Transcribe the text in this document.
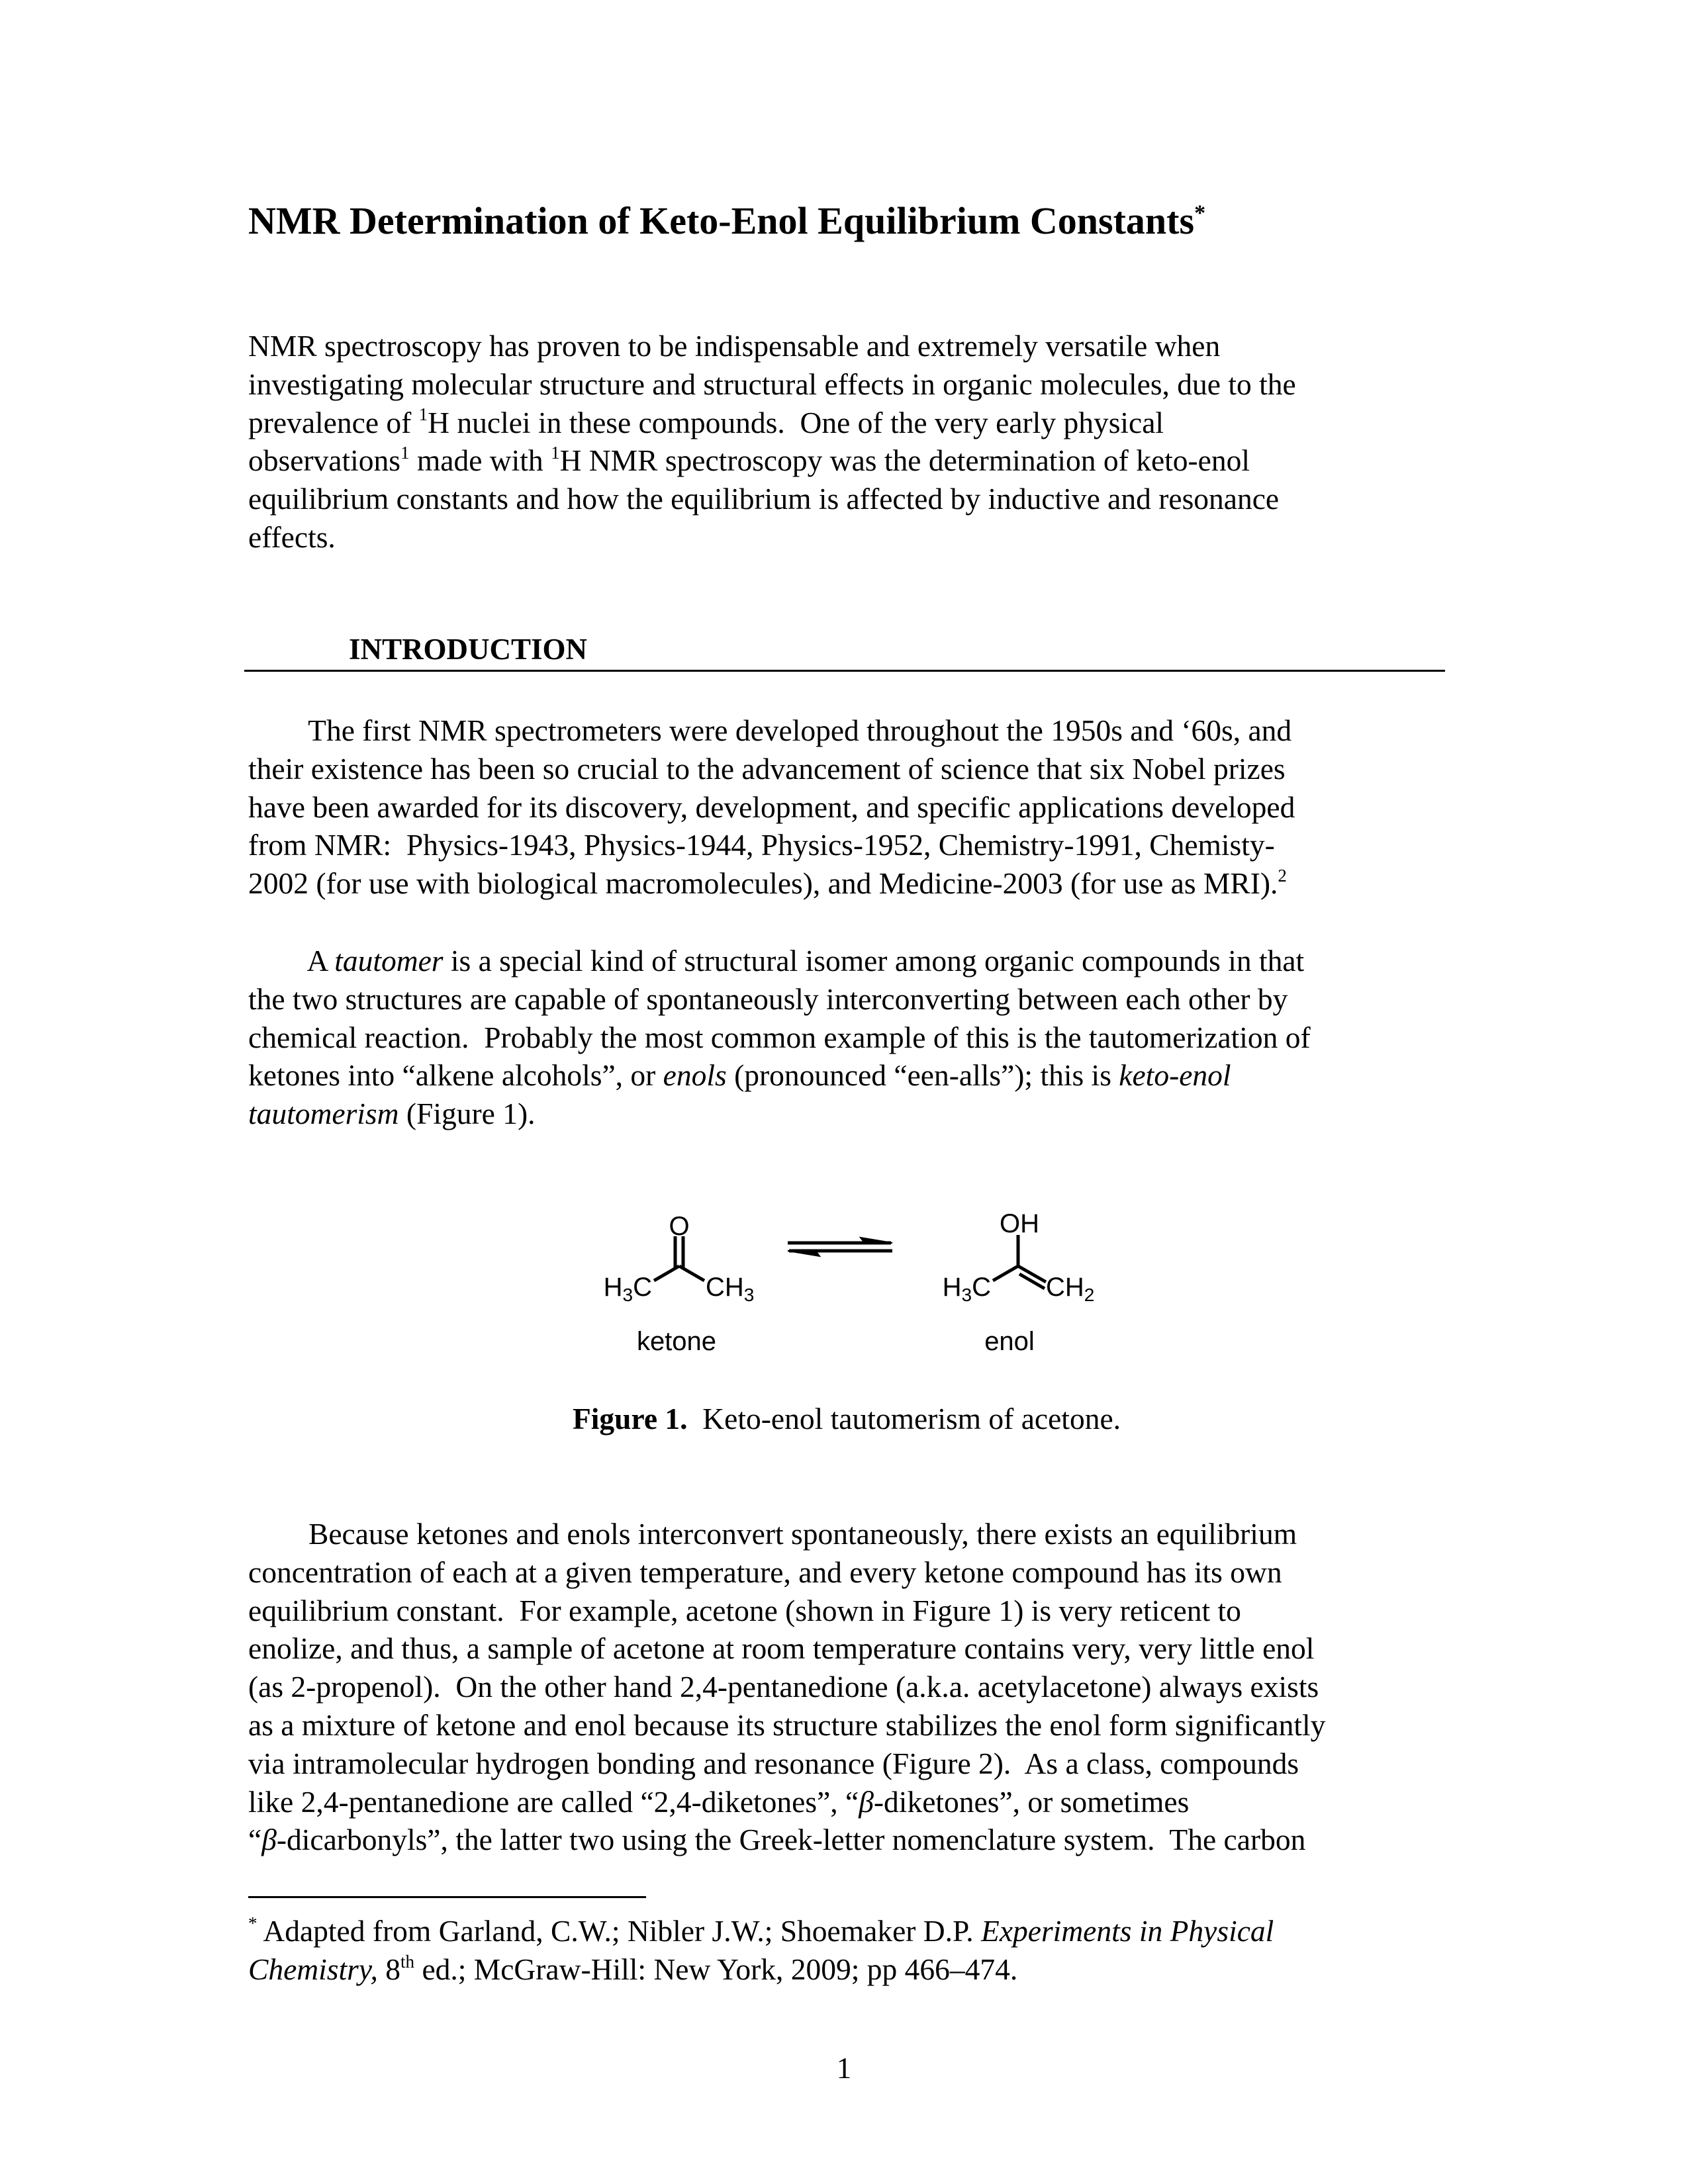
NMR Determination of Keto-Enol Equilibrium Constants*
NMR spectroscopy has proven to be indispensable and extremely versatile when
investigating molecular structure and structural effects in organic molecules, due to the
prevalence of $^1$H nuclei in these compounds.  One of the very early physical
observations$^1$ made with $^1$H NMR spectroscopy was the determination of keto-enol
equilibrium constants and how the equilibrium is affected by inductive and resonance
effects.
INTRODUCTION
The first NMR spectrometers were developed throughout the 1950s and ‘60s, and
their existence has been so crucial to the advancement of science that six Nobel prizes
have been awarded for its discovery, development, and specific applications developed
from NMR:  Physics-1943, Physics-1944, Physics-1952, Chemistry-1991, Chemisty-
2002 (for use with biological macromolecules), and Medicine-2003 (for use as MRI).$^2$
A tautomer is a special kind of structural isomer among organic compounds in that
the two structures are capable of spontaneously interconverting between each other by
chemical reaction.  Probably the most common example of this is the tautomerization of
ketones into “alkene alcohols”, or enols (pronounced “een-alls”); this is keto-enol
tautomerism (Figure 1).
O
$H_3C$ $CH_3$
ketone
OH
$H_3C$ $CH_2$
enol
Figure 1.  Keto-enol tautomerism of acetone.
Because ketones and enols interconvert spontaneously, there exists an equilibrium
concentration of each at a given temperature, and every ketone compound has its own
equilibrium constant.  For example, acetone (shown in Figure 1) is very reticent to
enolize, and thus, a sample of acetone at room temperature contains very, very little enol
(as 2-propenol).  On the other hand 2,4-pentanedione (a.k.a. acetylacetone) always exists
as a mixture of ketone and enol because its structure stabilizes the enol form significantly
via intramolecular hydrogen bonding and resonance (Figure 2).  As a class, compounds
like 2,4-pentanedione are called “2,4-diketones”, “β-diketones”, or sometimes
“β-dicarbonyls”, the latter two using the Greek-letter nomenclature system.  The carbon
* Adapted from Garland, C.W.; Nibler J.W.; Shoemaker D.P. Experiments in Physical
Chemistry, 8th ed.; McGraw-Hill: New York, 2009; pp 466–474.
1
